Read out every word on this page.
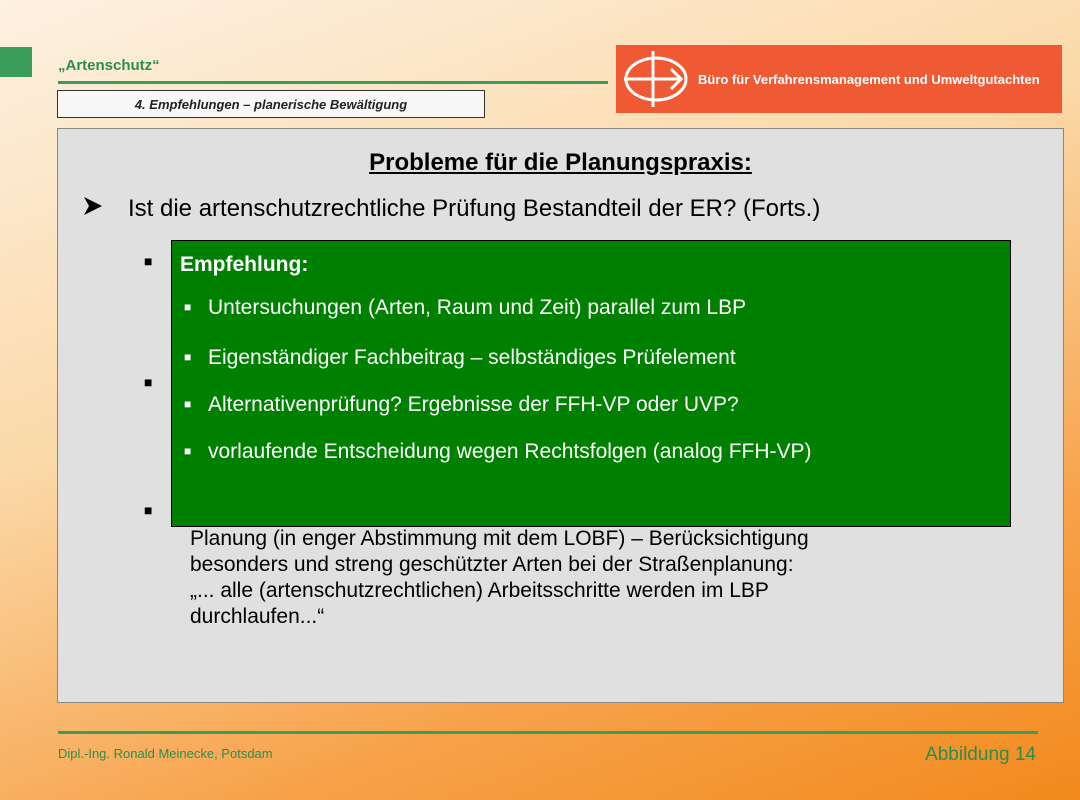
„Artenschutz“
4. Empfehlungen – planerische Bewältigung
Büro für Verfahrensmanagement und Umweltgutachten
Probleme für die Planungspraxis:
Ist die artenschutzrechtliche Prüfung Bestandteil der ER? (Forts.)
■
■
■
Planung (in enger Abstimmung mit dem LOBF) – Berücksichtigung
besonders und streng geschützter Arten bei der Straßenplanung:
„... alle (artenschutzrechtlichen) Arbeitsschritte werden im LBP
durchlaufen...“
Empfehlung:
■ Untersuchungen (Arten, Raum und Zeit) parallel zum LBP
■ Eigenständiger Fachbeitrag – selbständiges Prüfelement
■ Alternativenprüfung? Ergebnisse der FFH-VP oder UVP?
■ vorlaufende Entscheidung wegen Rechtsfolgen (analog FFH-VP)
Dipl.-Ing. Ronald Meinecke, Potsdam	Abbildung 14
